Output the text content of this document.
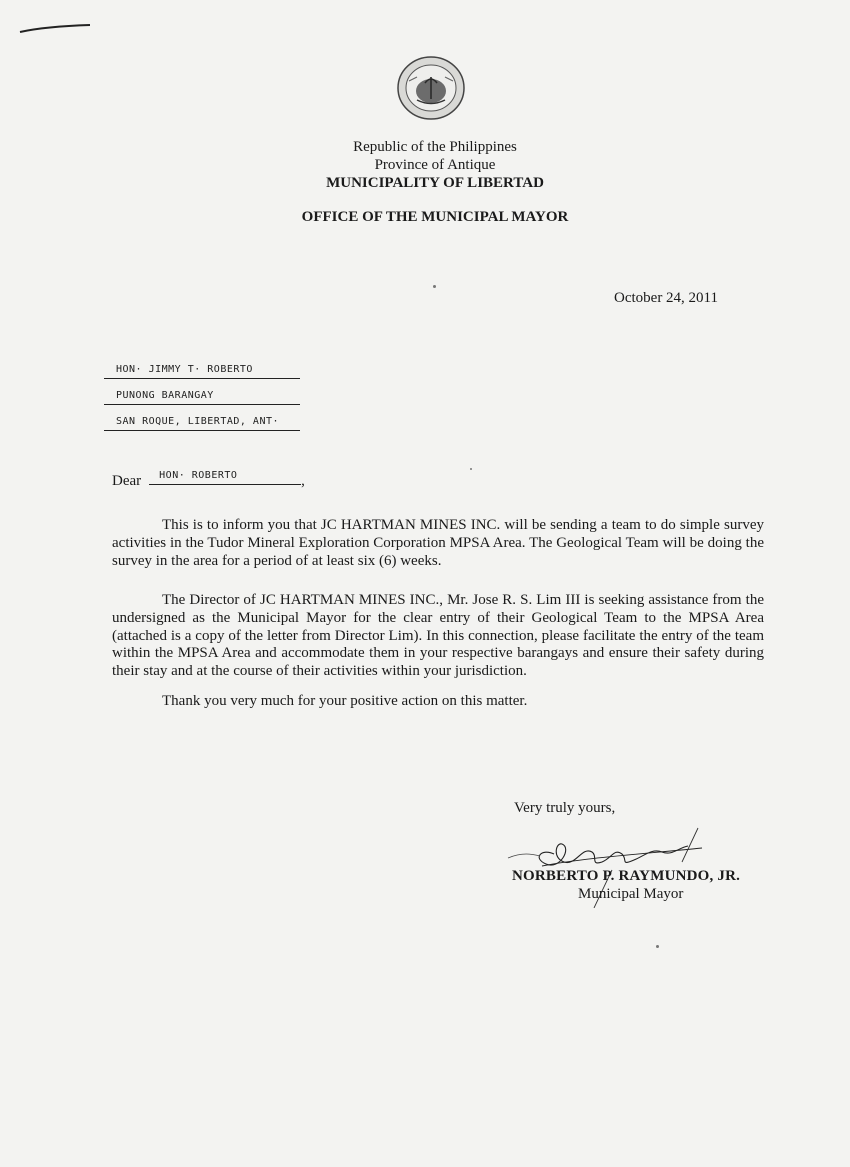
Republic of the Philippines
Province of Antique
MUNICIPALITY OF LIBERTAD
OFFICE OF THE MUNICIPAL MAYOR
October 24, 2011
HON· JIMMY T· ROBERTO
PUNONG BARANGAY
SAN ROQUE, LIBERTAD, ANT·
Dear HON· ROBERTO	,
This is to inform you that JC HARTMAN MINES INC. will be sending a team to do simple survey activities in the Tudor Mineral Exploration Corporation MPSA Area. The Geological Team will be doing the survey in the area for a period of at least six (6) weeks.
The Director of JC HARTMAN MINES INC., Mr. Jose R. S. Lim III is seeking assistance from the undersigned as the Municipal Mayor for the clear entry of their Geological Team to the MPSA Area (attached is a copy of the letter from Director Lim). In this connection, please facilitate the entry of the team within the MPSA Area and accommodate them in your respective barangays and ensure their safety during their stay and at the course of their activities within your jurisdiction.
Thank you very much for your positive action on this matter.
Very truly yours,
NORBERTO P. RAYMUNDO, JR.
Municipal Mayor
